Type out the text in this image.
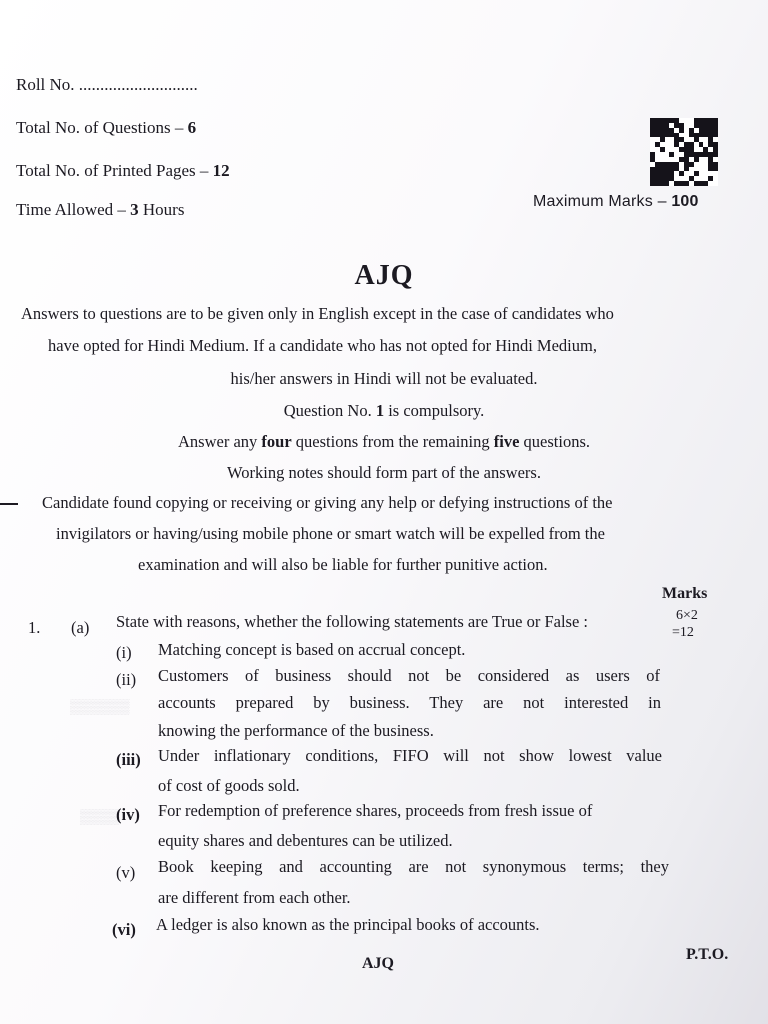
▒▒▒▒▒▒
▒▒▒▒
Roll No. ............................
Total No. of Questions – 6
Total No. of Printed Pages – 12
Time Allowed – 3 Hours	Maximum Marks – 100
AJQ
Answers to questions are to be given only in English except in the case of candidates who
have opted for Hindi Medium. If a candidate who has not opted for Hindi Medium,
his/her answers in Hindi will not be evaluated.
Question No. 1 is compulsory.
Answer any four questions from the remaining five questions.
Working notes should form part of the answers.
Candidate found copying or receiving or giving any help or defying instructions of the
invigilators or having/using mobile phone or smart watch will be expelled from the
examination and will also be liable for further punitive action.
Marks
1. (a) State with reasons, whether the following statements are True or False :	6×2
=12
(i) Matching concept is based on accrual concept.
(ii) Customers of business should not be considered as users of
accounts prepared by business. They are not interested in
knowing the performance of the business.
(iii) Under inflationary conditions, FIFO will not show lowest value
of cost of goods sold.
(iv) For redemption of preference shares, proceeds from fresh issue of
equity shares and debentures can be utilized.
(v) Book keeping and accounting are not synonymous terms; they
are different from each other.
(vi) A ledger is also known as the principal books of accounts.
AJQ
P.T.O.
